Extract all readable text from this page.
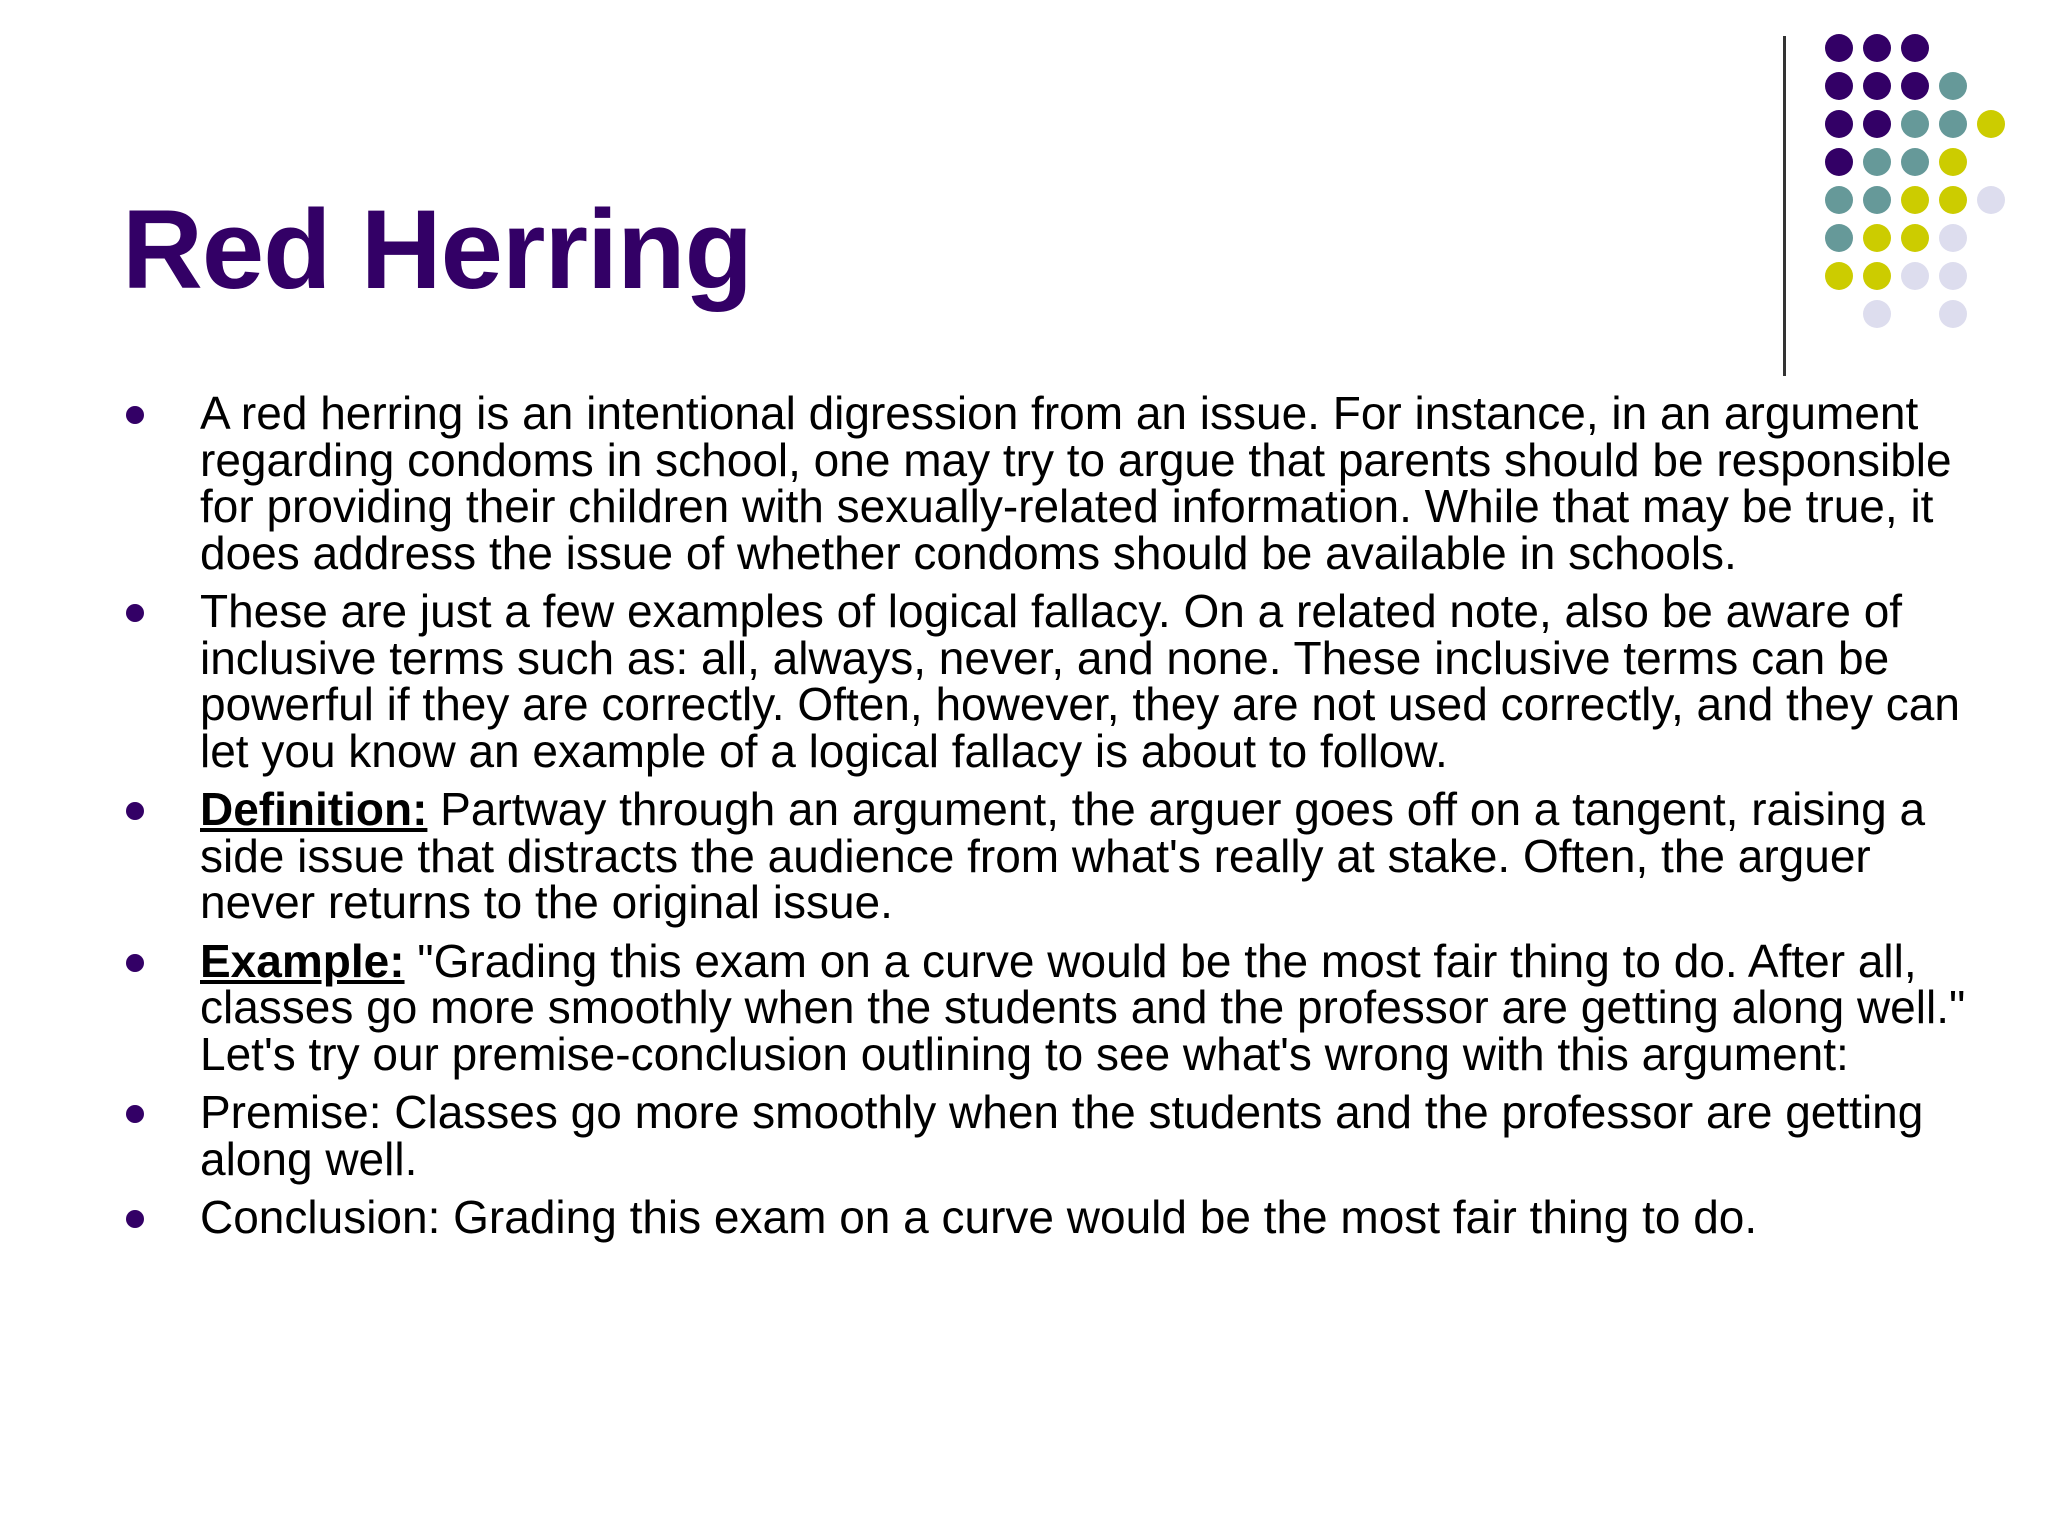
Red Herring
A red herring is an intentional digression from an issue. For instance, in an argument regarding condoms in school, one may try to argue that parents should be responsible for providing their children with sexually-related information. While that may be true, it does address the issue of whether condoms should be available in schools.
These are just a few examples of logical fallacy. On a related note, also be aware of inclusive terms such as: all, always, never, and none. These inclusive terms can be powerful if they are correctly. Often, however, they are not used correctly, and they can let you know an example of a logical fallacy is about to follow.
Definition: Partway through an argument, the arguer goes off on a tangent, raising a side issue that distracts the audience from what's really at stake. Often, the arguer never returns to the original issue.
Example: "Grading this exam on a curve would be the most fair thing to do. After all, classes go more smoothly when the students and the professor are getting along well." Let's try our premise-conclusion outlining to see what's wrong with this argument:
Premise: Classes go more smoothly when the students and the professor are getting along well.
Conclusion: Grading this exam on a curve would be the most fair thing to do.
